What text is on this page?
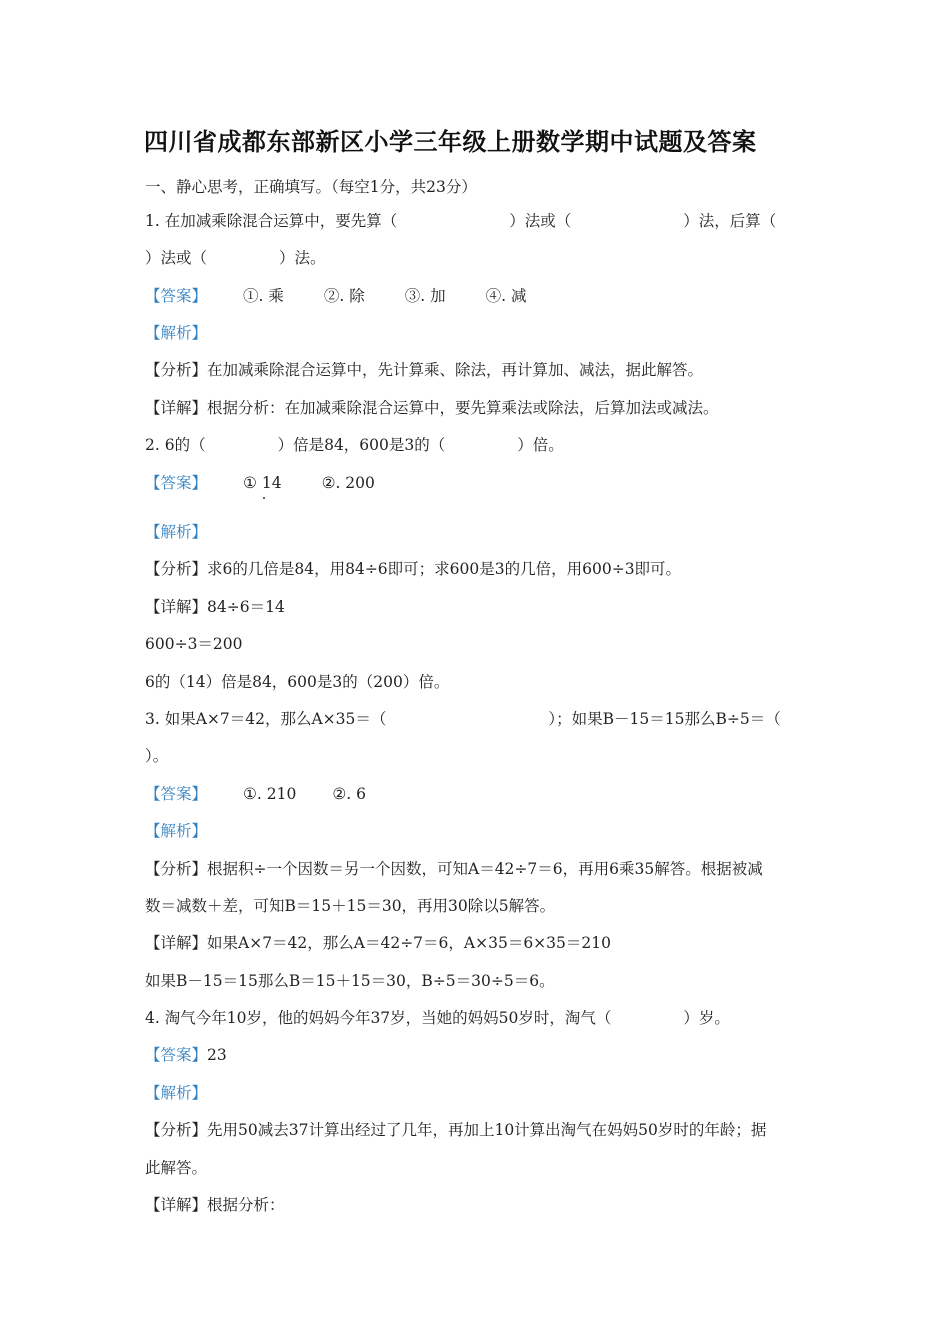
四川省成都东部新区小学三年级上册数学期中试题及答案
一、静心思考，正确填写。（每空1分，共23分）
1. 在加减乘除混合运算中，要先算（	）法或（	）法，后算（
）法或（	）法。
【答案】 ①. 乘	②. 除	③. 加	④. 减
【解析】
【分析】在加减乘除混合运算中，先计算乘、除法，再计算加、减法，据此解答。
【详解】根据分析：在加减乘除混合运算中，要先算乘法或除法，后算加法或减法。
2. 6的（	）倍是84，600是3的（	）倍。
【答案】 ① 14	②. 200
【解析】
【分析】求6的几倍是84，用84÷6即可；求600是3的几倍，用600÷3即可。
【详解】84÷6＝14
600÷3＝200
6的（14）倍是84，600是3的（200）倍。
3. 如果A×7＝42，那么A×35＝（	）；如果B－15＝15那么B÷5＝（
）。
【答案】 ①. 210 ②. 6
【解析】
【分析】根据积÷一个因数＝另一个因数，可知A＝42÷7＝6，再用6乘35解答。根据被减
数＝减数＋差，可知B＝15＋15＝30，再用30除以5解答。
【详解】如果A×7＝42，那么A＝42÷7＝6，A×35＝6×35＝210
如果B－15＝15那么B＝15＋15＝30，B÷5＝30÷5＝6。
4. 淘气今年10岁，他的妈妈今年37岁，当她的妈妈50岁时，淘气（	）岁。
【答案】23
【解析】
【分析】先用50减去37计算出经过了几年，再加上10计算出淘气在妈妈50岁时的年龄；据
此解答。
【详解】根据分析：
